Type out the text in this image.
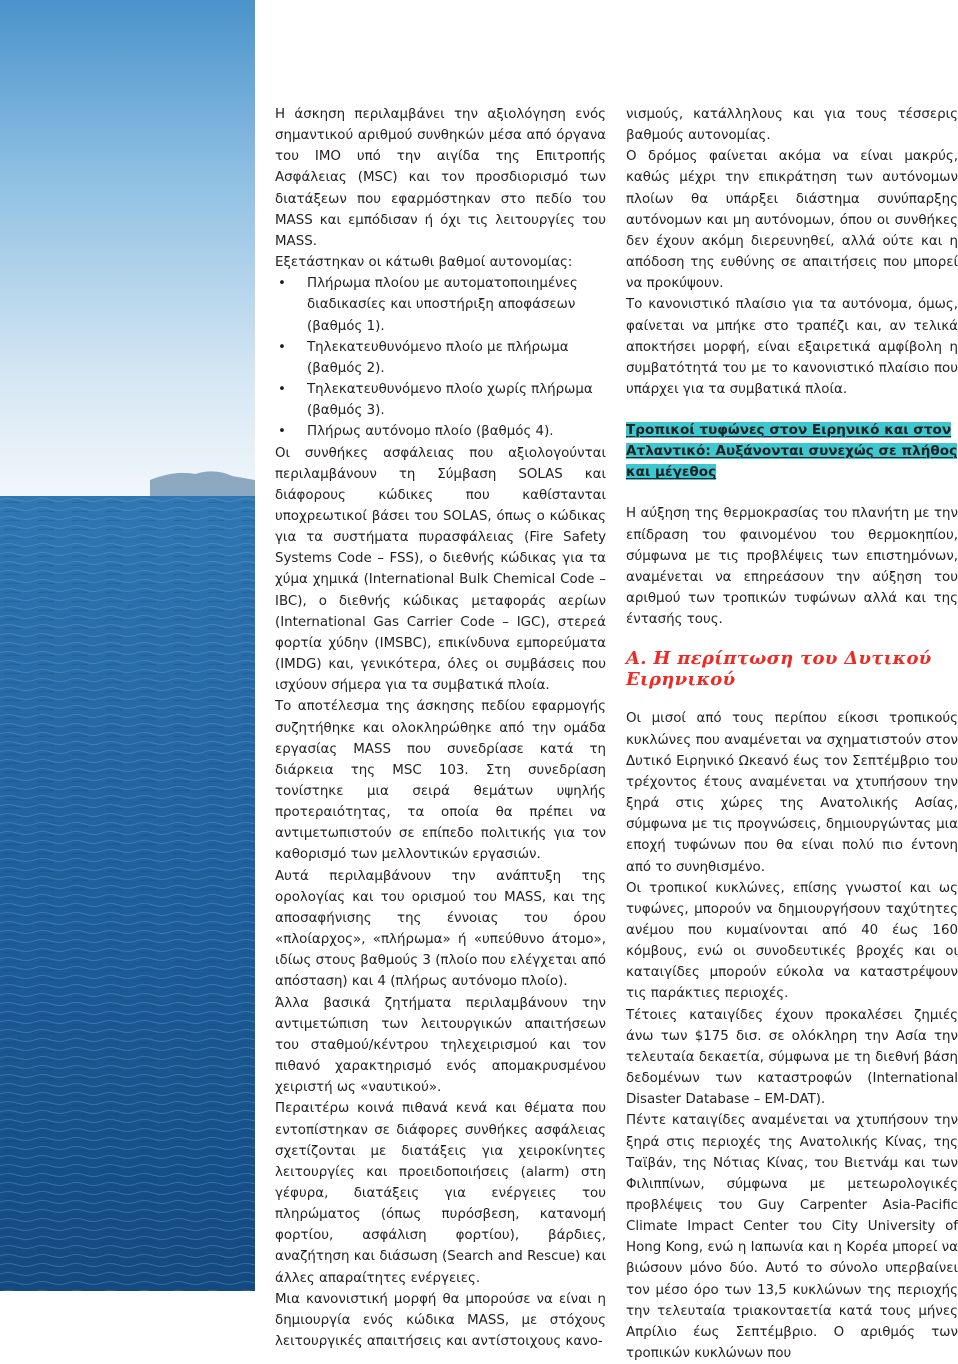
Η άσκηση περιλαμβάνει την αξιολόγηση ενός σημαντικού αριθμού συνθηκών μέσα από όργανα του IMO υπό την αιγίδα της Επιτροπής Ασφάλειας (MSC) και τον προσδιορισμό των διατάξεων που εφαρμόστηκαν στο πεδίο του MASS και εμπόδισαν ή όχι τις λειτουργίες του MASS.

Εξετάστηκαν οι κάτωθι βαθμοί αυτονομίας:

• Πλήρωμα πλοίου με αυτοματοποιημένες διαδικασίες και υποστήριξη αποφάσεων (βαθμός 1).
• Τηλεκατευθυνόμενο πλοίο με πλήρωμα (βαθμός 2).
• Τηλεκατευθυνόμενο πλοίο χωρίς πλήρωμα (βαθμός 3).
• Πλήρως αυτόνομο πλοίο (βαθμός 4).

Οι συνθήκες ασφάλειας που αξιολογούνται περιλαμβάνουν τη Σύμβαση SOLAS και διάφορους κώδικες που καθίστανται υποχρεωτικοί βάσει του SOLAS, όπως ο κώδικας για τα συστήματα πυρασφάλειας (Fire Safety Systems Code – FSS), ο διεθνής κώδικας για τα χύμα χημικά (International Bulk Chemical Code – IBC), ο διεθνής κώδικας μεταφοράς αερίων (International Gas Carrier Code – IGC), στερεά φορτία χύδην (IMSBC), επικίνδυνα εμπορεύματα (IMDG) και, γενικότερα, όλες οι συμβάσεις που ισχύουν σήμερα για τα συμβατικά πλοία.

Το αποτέλεσμα της άσκησης πεδίου εφαρμογής συζητήθηκε και ολοκληρώθηκε από την ομάδα εργασίας MASS που συνεδρίασε κατά τη διάρκεια της MSC 103. Στη συνεδρίαση τονίστηκε μια σειρά θεμάτων υψηλής προτεραιότητας, τα οποία θα πρέπει να αντιμετωπιστούν σε επίπεδο πολιτικής για τον καθορισμό των μελλοντικών εργασιών.

Αυτά περιλαμβάνουν την ανάπτυξη της ορολογίας και του ορισμού του MASS, και της αποσαφήνισης της έννοιας του όρου «πλοίαρχος», «πλήρωμα» ή «υπεύθυνο άτομο», ιδίως στους βαθμούς 3 (πλοίο που ελέγχεται από απόσταση) και 4 (πλήρως αυτόνομο πλοίο).

Άλλα βασικά ζητήματα περιλαμβάνουν την αντιμετώπιση των λειτουργικών απαιτήσεων του σταθμού/κέντρου τηλεχειρισμού και τον πιθανό χαρακτηρισμό ενός απομακρυσμένου χειριστή ως «ναυτικού».

Περαιτέρω κοινά πιθανά κενά και θέματα που εντοπίστηκαν σε διάφορες συνθήκες ασφάλειας σχετίζονται με διατάξεις για χειροκίνητες λειτουργίες και προειδοποιήσεις (alarm) στη γέφυρα, διατάξεις για ενέργειες του πληρώματος (όπως πυρόσβεση, κατανομή φορτίου, ασφάλιση φορτίου), βάρδιες, αναζήτηση και διάσωση (Search and Rescue) και άλλες απαραίτητες ενέργειες.

Μια κανονιστική μορφή θα μπορούσε να είναι η δημιουργία ενός κώδικα MASS, με στόχους λειτουργικές απαιτήσεις και αντίστοιχους κανο-

νισμούς, κατάλληλους και για τους τέσσερις βαθμούς αυτονομίας.

Ο δρόμος φαίνεται ακόμα να είναι μακρύς, καθώς μέχρι την επικράτηση των αυτόνομων πλοίων θα υπάρξει διάστημα συνύπαρξης αυτόνομων και μη αυτόνομων, όπου οι συνθήκες δεν έχουν ακόμη διερευνηθεί, αλλά ούτε και η απόδοση της ευθύνης σε απαιτήσεις που μπορεί να προκύψουν.

Το κανονιστικό πλαίσιο για τα αυτόνομα, όμως, φαίνεται να μπήκε στο τραπέζι και, αν τελικά αποκτήσει μορφή, είναι εξαιρετικά αμφίβολη η συμβατότητά του με το κανονιστικό πλαίσιο που υπάρχει για τα συμβατικά πλοία.

Τροπικοί τυφώνες στον Ειρηνικό και στον Ατλαντικό: Αυξάνονται συνεχώς σε πλήθος και μέγεθος

Η αύξηση της θερμοκρασίας του πλανήτη με την επίδραση του φαινομένου του θερμοκηπίου, σύμφωνα με τις προβλέψεις των επιστημόνων, αναμένεται να επηρεάσουν την αύξηση του αριθμού των τροπικών τυφώνων αλλά και της έντασής τους.

Α. Η περίπτωση του Δυτικού Ειρηνικού

Οι μισοί από τους περίπου είκοσι τροπικούς κυκλώνες που αναμένεται να σχηματιστούν στον Δυτικό Ειρηνικό Ωκεανό έως τον Σεπτέμβριο του τρέχοντος έτους αναμένεται να χτυπήσουν την ξηρά στις χώρες της Ανατολικής Ασίας, σύμφωνα με τις προγνώσεις, δημιουργώντας μια εποχή τυφώνων που θα είναι πολύ πιο έντονη από το συνηθισμένο.

Οι τροπικοί κυκλώνες, επίσης γνωστοί και ως τυφώνες, μπορούν να δημιουργήσουν ταχύτητες ανέμου που κυμαίνονται από 40 έως 160 κόμβους, ενώ οι συνοδευτικές βροχές και οι καταιγίδες μπορούν εύκολα να καταστρέψουν τις παράκτιες περιοχές.

Τέτοιες καταιγίδες έχουν προκαλέσει ζημιές άνω των $175 δισ. σε ολόκληρη την Ασία την τελευταία δεκαετία, σύμφωνα με τη διεθνή βάση δεδομένων των καταστροφών (International Disaster Database – EM-DAT).

Πέντε καταιγίδες αναμένεται να χτυπήσουν την ξηρά στις περιοχές της Ανατολικής Κίνας, της Ταϊβάν, της Νότιας Κίνας, του Βιετνάμ και των Φιλιππίνων, σύμφωνα με μετεωρολογικές προβλέψεις του Guy Carpenter Asia-Pacific Climate Impact Center του City University of Hong Kong, ενώ η Ιαπωνία και η Κορέα μπορεί να βιώσουν μόνο δύο. Αυτό το σύνολο υπερβαίνει τον μέσο όρο των 13,5 κυκλώνων της περιοχής την τελευταία τριακονταετία κατά τους μήνες Απρίλιο έως Σεπτέμβριο. Ο αριθμός των τροπικών κυκλώνων που
